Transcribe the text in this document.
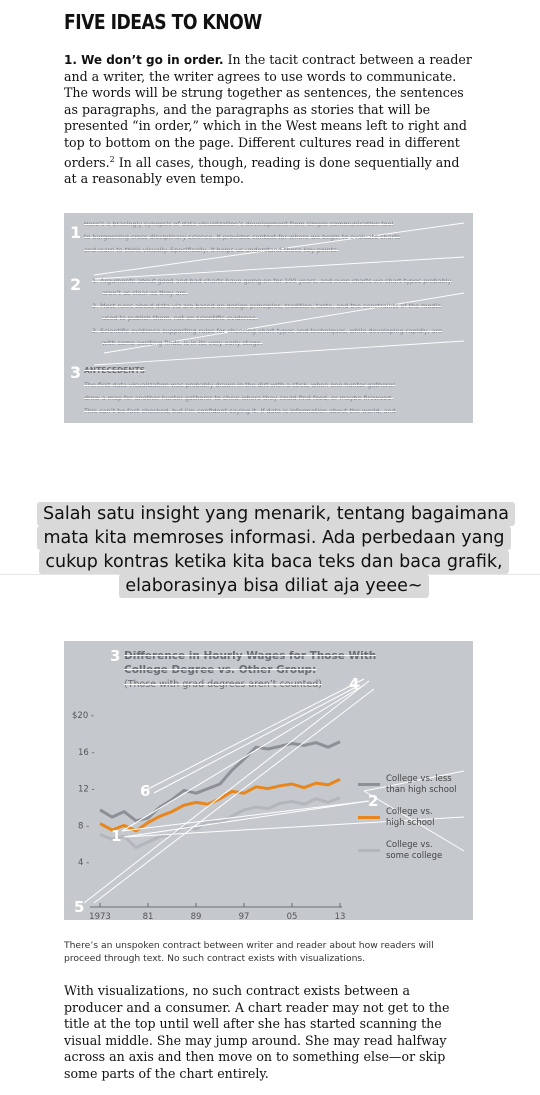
FIVE IDEAS TO KNOW
1. We don’t go in order. In the tacit contract between a reader and a writer, the writer agrees to use words to communicate. The words will be strung together as sentences, the sentences as paragraphs, and the paragraphs as stories that will be presented “in order,” which in the West means left to right and top to bottom on the page. Different cultures read in different orders.$^2$ In all cases, though, reading is done sequentially and at a reasonably even tempo.
1 Here’s a bracingly synopsis of data visualization’s development from simple communication tool
to burgeoning cross-disciplinary science. It provides context for where we begin to evaluate charts
and learn to think visually. Specifically, it helps us understand these key points:
2 1. Arguments about good and bad charts have going on for 100 years, and even charts we chart types probably
aren’t as clear as they are.
2. Most rules about data viz are based on design principles, tradition, taste, and the constraints of the media
used to publish them, not on scientific evidence.
3. Scientific evidence supporting rules for choosing chart types and techniques, while developing rapidly, are
with some exciting finds, is in its very early stage.
3 ANTECEDENTS
The first data visualization was probably drawn in the dirt with a stick, when one hunter-gatherer
drew a map for another hunter-gatherer to show where they could find food, or maybe firewood.
This can’t be fact-checked, but I’m confident saying it. If data is information about the world, and
Salah satu insight yang menarik, tentang bagaimana
mata kita memroses informasi. Ada perbedaan yang
cukup kontras ketika kita baca teks dan baca grafik,
elaborasinya bisa diliat aja yeee~
$20 -
16 -
12 -
8 -
4 -
1973	81	89	97	05	13
Difference in Hourly Wages for Those With
College Degree vs. Other Group:
(Those with grad degrees aren’t counted)
3
4
6
1
2
5
College vs. less
than high school
College vs.
high school
College vs.
some college
There’s an unspoken contract between writer and reader about how readers will proceed through text. No such contract exists with visualizations.
With visualizations, no such contract exists between a producer and a consumer. A chart reader may not get to the title at the top until well after she has started scanning the visual middle. She may jump around. She may read halfway across an axis and then move on to something else—or skip some parts of the chart entirely.
